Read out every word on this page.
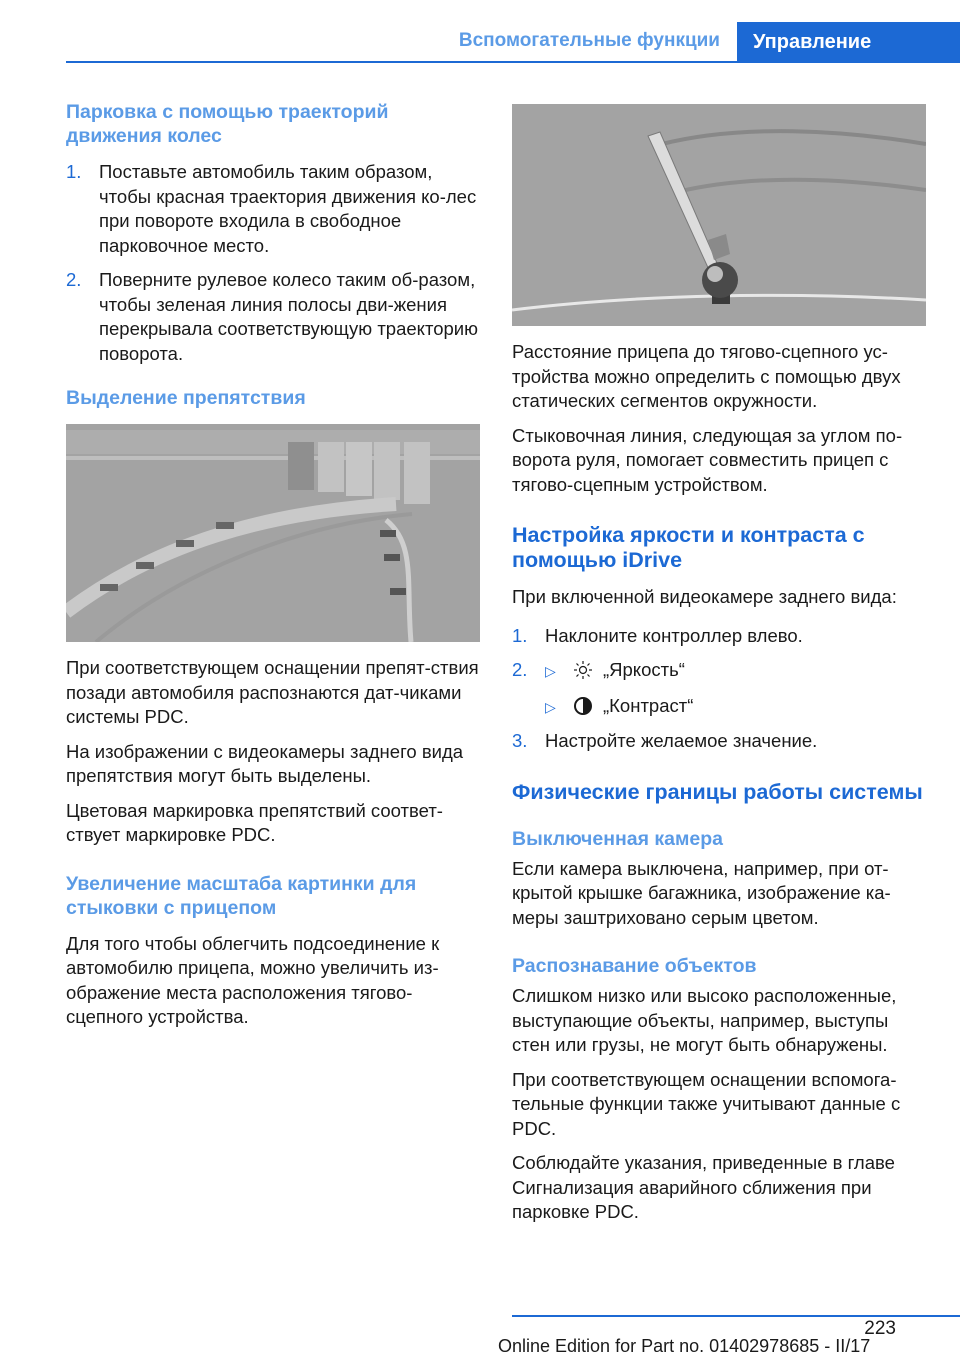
Вспомогательные функции	Управление
Парковка с помощью траекторий движения колес
1. Поставьте автомобиль таким образом, чтобы красная траектория движения ко-лес при повороте входила в свободное парковочное место.
2. Поверните рулевое колесо таким об-разом, чтобы зеленая линия полосы дви-жения перекрывала соответствующую траекторию поворота.
Выделение препятствия

При соответствующем оснащении препят-ствия позади автомобиля распознаются дат-чиками системы PDC.

На изображении с видеокамеры заднего вида препятствия могут быть выделены.

Цветовая маркировка препятствий соответ-ствует маркировке PDC.

Увеличение масштаба картинки для стыковки с прицепом

Для того чтобы облегчить подсоединение к автомобилю прицепа, можно увеличить из-ображение места расположения тягово-сцепного устройства.

Расстояние прицепа до тягово-сцепного ус-тройства можно определить с помощью двух статических сегментов окружности.

Стыковочная линия, следующая за углом по-ворота руля, помогает совместить прицеп с тягово-сцепным устройством.

Настройка яркости и контраста с помощью iDrive

При включенной видеокамере заднего вида:

1. Наклоните контроллер влево.
2. ▷	„Яркость“
▷	„Контраст“
3. Настройте желаемое значение.
Физические границы работы системы
Выключенная камера

Если камера выключена, например, при от-крытой крышке багажника, изображение ка-меры заштриховано серым цветом.

Распознавание объектов

Слишком низко или высоко расположенные, выступающие объекты, например, выступы стен или грузы, не могут быть обнаружены.

При соответствующем оснащении вспомога-тельные функции также учитывают данные с PDC.

Соблюдайте указания, приведенные в главе Сигнализация аварийного сближения при парковке PDC.

223
Online Edition for Part no. 01402978685 - II/17
